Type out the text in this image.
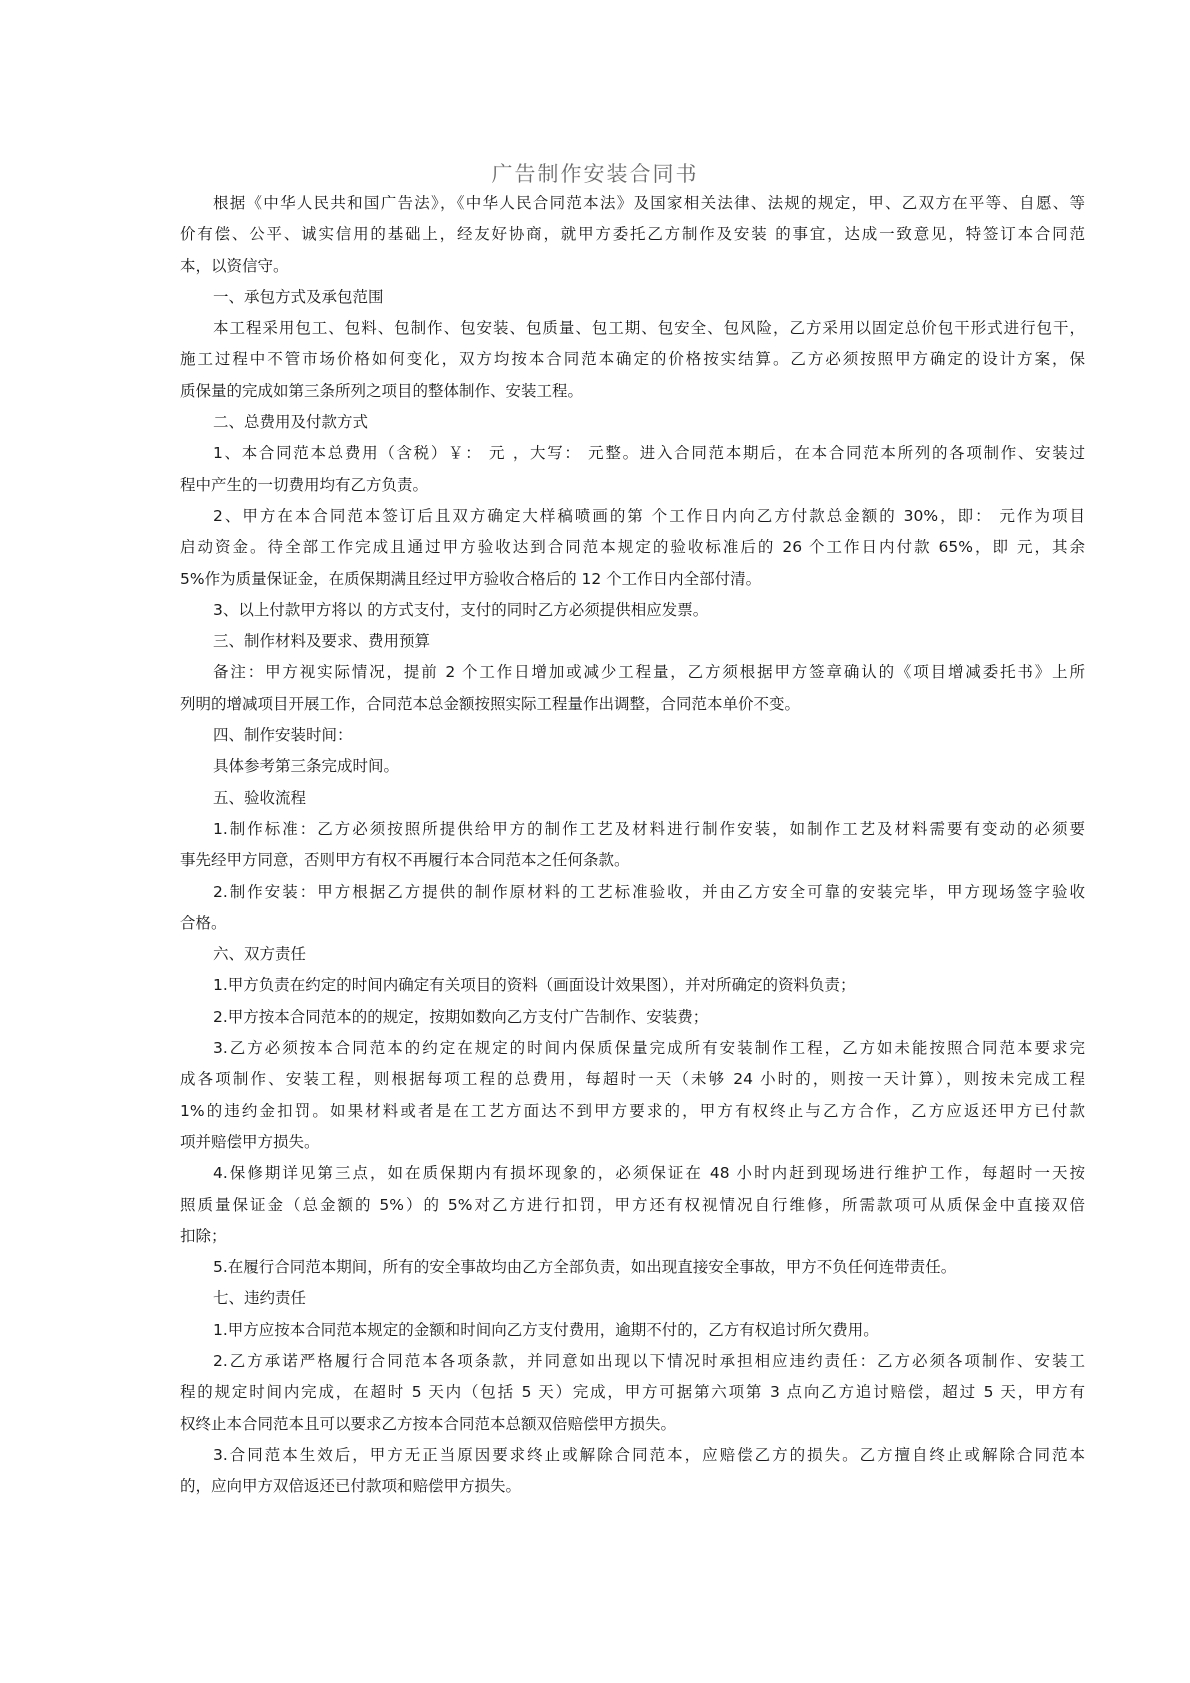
广告制作安装合同书
根据《中华人民共和国广告法》，《中华人民合同范本法》及国家相关法律、法规的规定，甲、乙双方在平等、自愿、等
价有偿、公平、诚实信用的基础上，经友好协商，就甲方委托乙方制作及安装 的事宜，达成一致意见，特签订本合同范
本，以资信守。
一、承包方式及承包范围
本工程采用包工、包料、包制作、包安装、包质量、包工期、包安全、包风险，乙方采用以固定总价包干形式进行包干，
施工过程中不管市场价格如何变化，双方均按本合同范本确定的价格按实结算。乙方必须按照甲方确定的设计方案，保
质保量的完成如第三条所列之项目的整体制作、安装工程。
二、总费用及付款方式
1、本合同范本总费用（含税）￥： 元 ，大写： 元整。进入合同范本期后，在本合同范本所列的各项制作、安装过
程中产生的一切费用均有乙方负责。
2、甲方在本合同范本签订后且双方确定大样稿喷画的第 个工作日内向乙方付款总金额的 30%，即： 元作为项目
启动资金。待全部工作完成且通过甲方验收达到合同范本规定的验收标准后的 26 个工作日内付款 65%，即 元，其余
5%作为质量保证金，在质保期满且经过甲方验收合格后的 12 个工作日内全部付清。
3、以上付款甲方将以 的方式支付，支付的同时乙方必须提供相应发票。
三、制作材料及要求、费用预算
备注：甲方视实际情况，提前 2 个工作日增加或减少工程量，乙方须根据甲方签章确认的《项目增减委托书》上所
列明的增减项目开展工作，合同范本总金额按照实际工程量作出调整，合同范本单价不变。
四、制作安装时间：
具体参考第三条完成时间。
五、验收流程
1.制作标准：乙方必须按照所提供给甲方的制作工艺及材料进行制作安装，如制作工艺及材料需要有变动的必须要
事先经甲方同意，否则甲方有权不再履行本合同范本之任何条款。
2.制作安装：甲方根据乙方提供的制作原材料的工艺标准验收，并由乙方安全可靠的安装完毕，甲方现场签字验收
合格。
六、双方责任
1.甲方负责在约定的时间内确定有关项目的资料（画面设计效果图），并对所确定的资料负责；
2.甲方按本合同范本的的规定，按期如数向乙方支付广告制作、安装费；
3.乙方必须按本合同范本的约定在规定的时间内保质保量完成所有安装制作工程，乙方如未能按照合同范本要求完
成各项制作、安装工程，则根据每项工程的总费用，每超时一天（未够 24 小时的，则按一天计算），则按未完成工程
1%的违约金扣罚。如果材料或者是在工艺方面达不到甲方要求的，甲方有权终止与乙方合作，乙方应返还甲方已付款
项并赔偿甲方损失。
4.保修期详见第三点，如在质保期内有损坏现象的，必须保证在 48 小时内赶到现场进行维护工作，每超时一天按
照质量保证金（总金额的 5%）的 5%对乙方进行扣罚，甲方还有权视情况自行维修，所需款项可从质保金中直接双倍
扣除；
5.在履行合同范本期间，所有的安全事故均由乙方全部负责，如出现直接安全事故，甲方不负任何连带责任。
七、违约责任
1.甲方应按本合同范本规定的金额和时间向乙方支付费用，逾期不付的，乙方有权追讨所欠费用。
2.乙方承诺严格履行合同范本各项条款，并同意如出现以下情况时承担相应违约责任：乙方必须各项制作、安装工
程的规定时间内完成，在超时 5 天内（包括 5 天）完成，甲方可据第六项第 3 点向乙方追讨赔偿，超过 5 天，甲方有
权终止本合同范本且可以要求乙方按本合同范本总额双倍赔偿甲方损失。
3.合同范本生效后，甲方无正当原因要求终止或解除合同范本，应赔偿乙方的损失。乙方擅自终止或解除合同范本
的，应向甲方双倍返还已付款项和赔偿甲方损失。
